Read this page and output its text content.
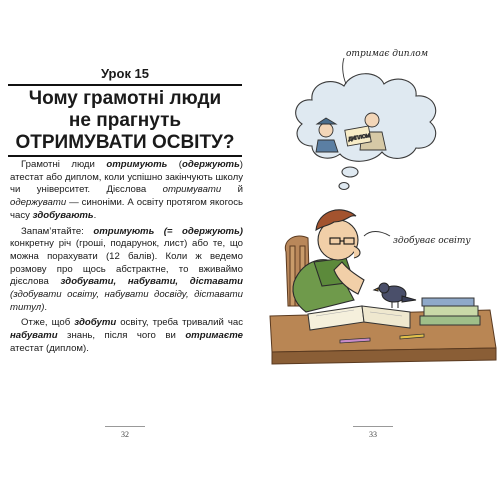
Урок 15
Чому грамотні люди
не прагнуть
ОТРИМУВАТИ ОСВІТУ?

Грамотні люди отримують (одержують) атестат або диплом, коли успішно закінчують школу чи університет. Дієслова отримувати й одержувати — синоніми. А освіту протягом якогось часу здобувають.

Запам’ятайте: отримують (= одержують) конкретну річ (гроші, подарунок, лист) або те, що можна порахувати (12 балів). Коли ж ведемо розмову про щось абстрактне, то вживаймо дієслова здобувати, набувати, діставати (здобувати освіту, набувати досвіду, діставати титул).

Отже, щоб здобути освіту, треба тривалий час набувати знань, після чого ви отримаєте атестат (диплом).

32
ДИПЛОМ
отримає диплом
здобуває освіту
33
